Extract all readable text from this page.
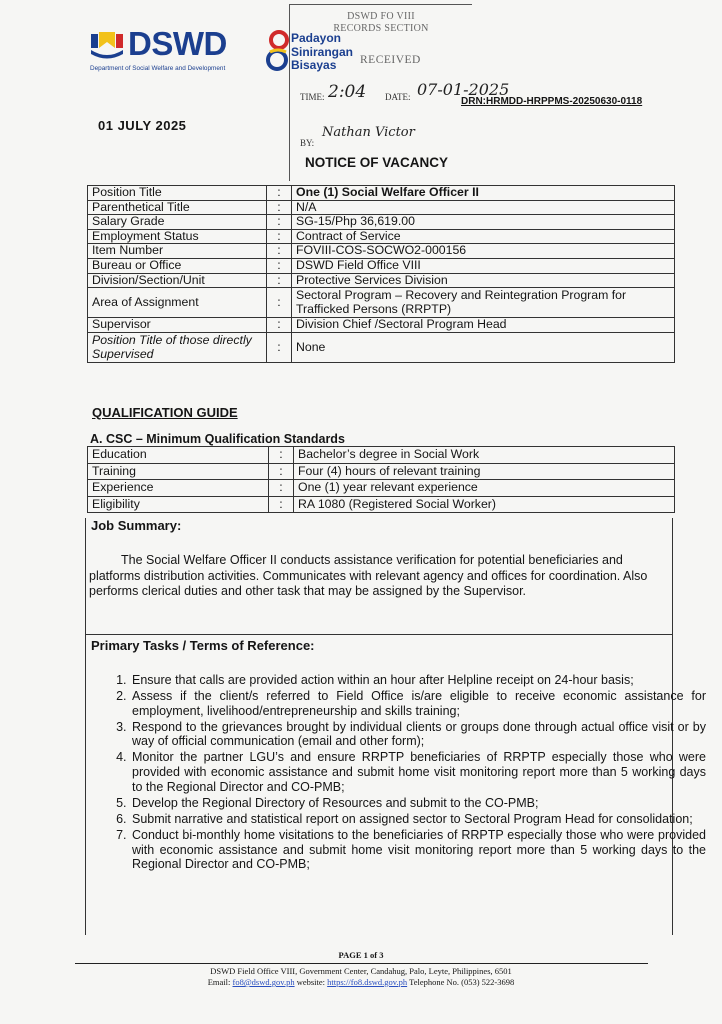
DSWD
Department of Social Welfare and Development
Padayon
Sinirangan
Bisayas
DSWD FO VIII
RECORDS SECTION
RECEIVED
TIME: 2:04 DATE: 07-01-2025
BY:
Nathan Victor
DRN:HRMDD-HRPPMS-20250630-0118
01 JULY 2025
NOTICE OF VACANCY
Position Title	:	One (1) Social Welfare Officer II
Parenthetical Title	:	N/A
Salary Grade	:	SG-15/Php 36,619.00
Employment Status	:	Contract of Service
Item Number	:	FOVIII-COS-SOCWO2-000156
Bureau or Office	:	DSWD Field Office VIII
Division/Section/Unit	:	Protective Services Division
Area of Assignment	:	Sectoral Program – Recovery and Reintegration Program for Trafficked Persons (RRPTP)
Supervisor	:	Division Chief /Sectoral Program Head
Position Title of those directly Supervised	:	None
QUALIFICATION GUIDE
A. CSC – Minimum Qualification Standards
Education	:	Bachelor’s degree in Social Work
Training	:	Four (4) hours of relevant training
Experience	:	One (1) year relevant experience
Eligibility	:	RA 1080 (Registered Social Worker)
Job Summary:
The Social Welfare Officer II conducts assistance verification for potential beneficiaries and platforms distribution activities. Communicates with relevant agency and offices for coordination. Also performs clerical duties and other task that may be assigned by the Supervisor.
Primary Tasks / Terms of Reference:
1. Ensure that calls are provided action within an hour after Helpline receipt on 24-hour basis;
2. Assess if the client/s referred to Field Office is/are eligible to receive economic assistance for employment, livelihood/entrepreneurship and skills training;
3. Respond to the grievances brought by individual clients or groups done through actual office visit or by way of official communication (email and other form);
4. Monitor the partner LGU’s and ensure RRPTP beneficiaries of RRPTP especially those who were provided with economic assistance and submit home visit monitoring report more than 5 working days to the Regional Director and CO-PMB;
5. Develop the Regional Directory of Resources and submit to the CO-PMB;
6. Submit narrative and statistical report on assigned sector to Sectoral Program Head for consolidation;
7. Conduct bi-monthly home visitations to the beneficiaries of RRPTP especially those who were provided with economic assistance and submit home visit monitoring report more than 5 working days to the Regional Director and CO-PMB;
PAGE 1 of 3
DSWD Field Office VIII, Government Center, Candahug, Palo, Leyte, Philippines, 6501
Email: fo8@dswd.gov.ph website: https://fo8.dswd.gov.ph Telephone No. (053) 522-3698
